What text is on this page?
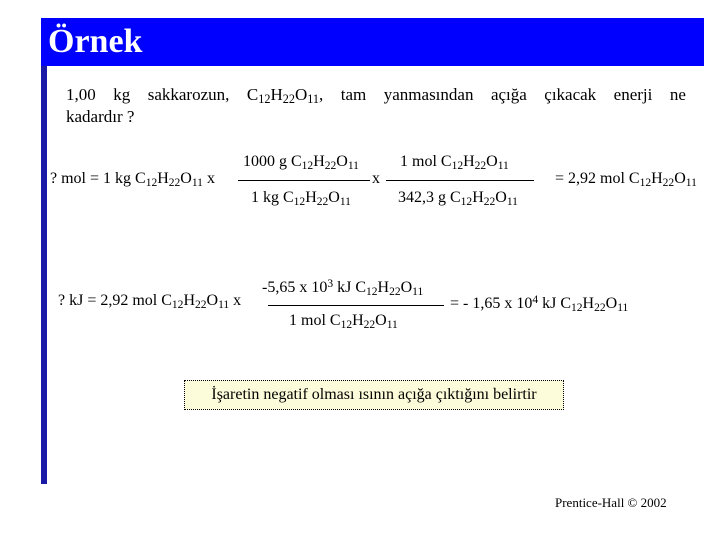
Örnek
1,00 kg sakkarozun, $C_{12}H_{22}O_{11}$, tam yanmasından açığa çıkacak enerji ne
kadardır ?
? mol = 1 kg $C_{12}H_{22}O_{11}$ x
1000 g $C_{12}H_{22}O_{11}$
1 kg $C_{12}H_{22}O_{11}$
x
1 mol $C_{12}H_{22}O_{11}$
342,3 g $C_{12}H_{22}O_{11}$
= 2,92 mol $C_{12}H_{22}O_{11}$
? kJ = 2,92 mol $C_{12}H_{22}O_{11}$ x
-5,65 x $10^3$ kJ $C_{12}H_{22}O_{11}$
1 mol $C_{12}H_{22}O_{11}$
= - 1,65 x $10^4$ kJ $C_{12}H_{22}O_{11}$
İşaretin negatif olması ısının açığa çıktığını belirtir
Prentice-Hall © 2002
